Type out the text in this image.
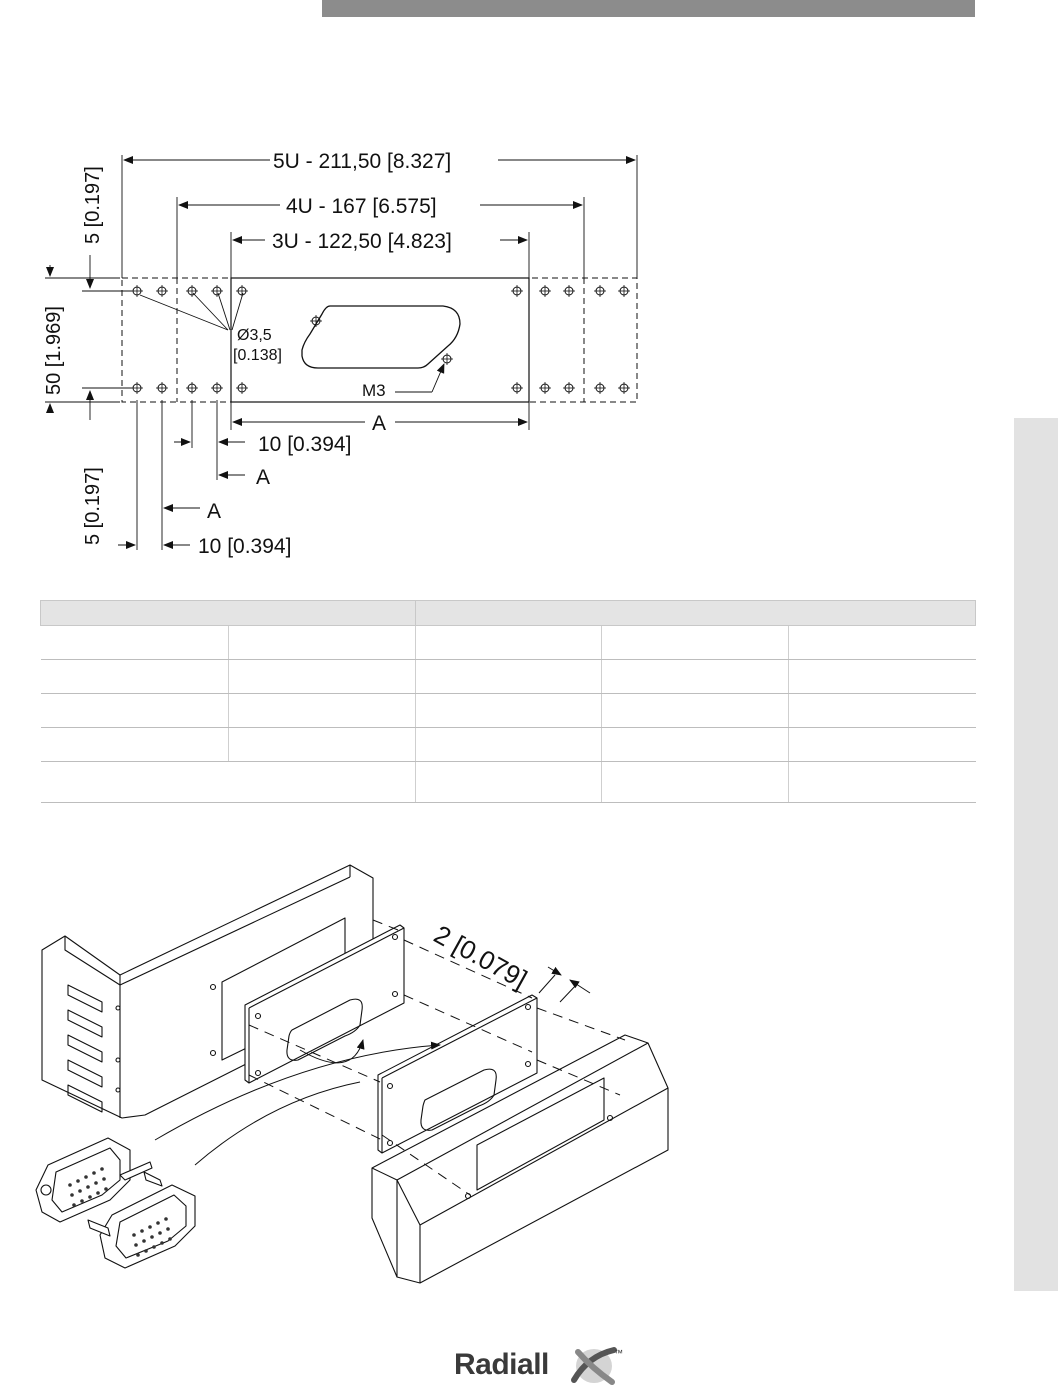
5U - 211,50 [8.327]
4U - 167 [6.575]
3U - 122,50 [4.823]
Ø3,5
[0.138]
M3
5 [0.197]
50 [1.969]
5 [0.197]
A
10 [0.394]
A
A
10 [0.394]

2 [0.079]
Radiall	™
